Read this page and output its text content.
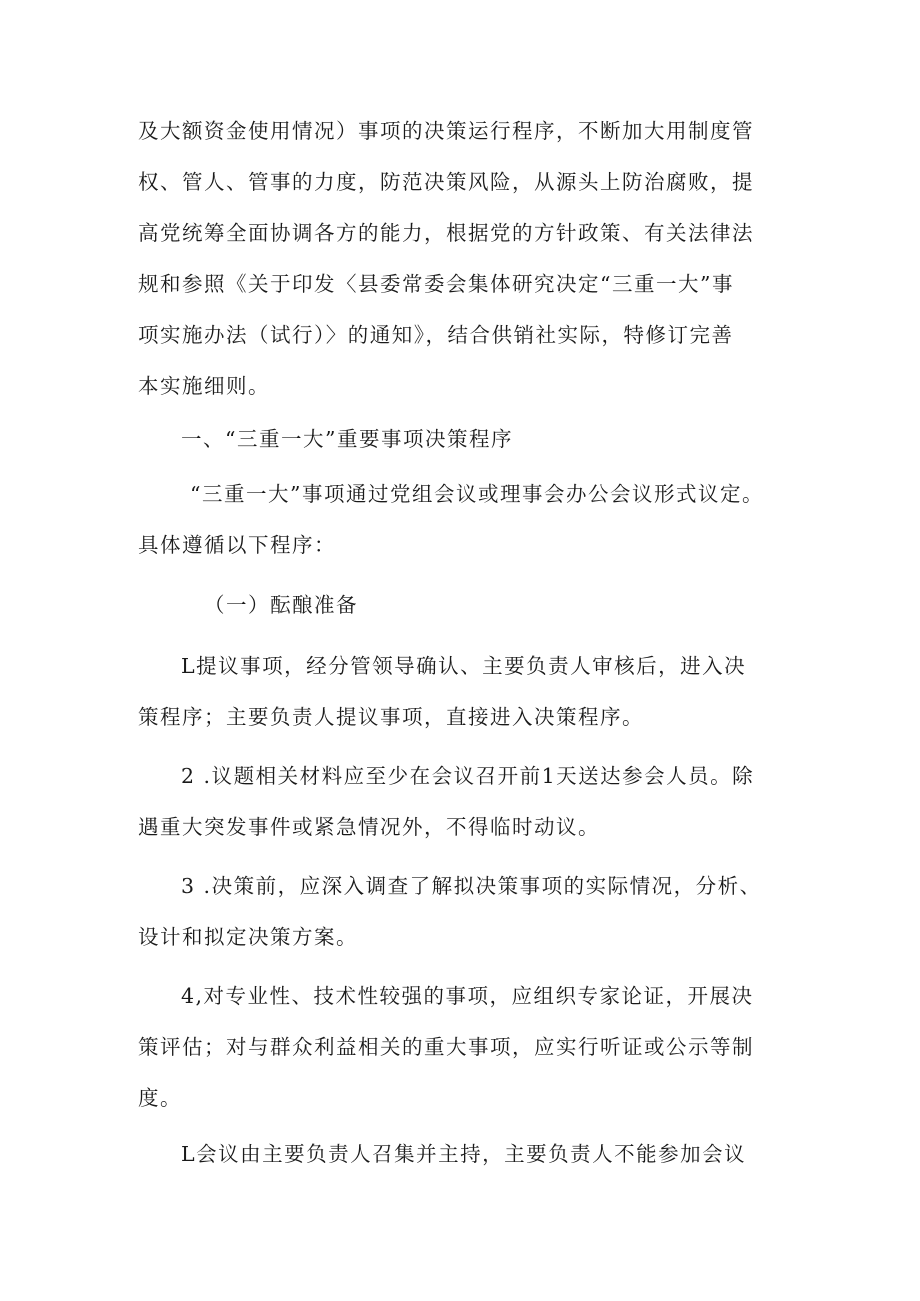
及大额资金使用情况）事项的决策运行程序，不断加大用制度管
权、管人、管事的力度，防范决策风险，从源头上防治腐败，提
高党统筹全面协调各方的能力，根据党的方针政策、有关法律法
规和参照《关于印发〈县委常委会集体研究决定“三重一大”事
项实施办法（试行）〉的通知》，结合供销社实际，特修订完善
本实施细则。
一、“三重一大”重要事项决策程序
“三重一大”事项通过党组会议或理事会办公会议形式议定。
具体遵循以下程序：
（一）酝酿准备
L提议事项，经分管领导确认、主要负责人审核后，进入决
策程序；主要负责人提议事项，直接进入决策程序。
2 .议题相关材料应至少在会议召开前1天送达参会人员。除
遇重大突发事件或紧急情况外，不得临时动议。
3 .决策前，应深入调查了解拟决策事项的实际情况，分析、
设计和拟定决策方案。
4,对专业性、技术性较强的事项，应组织专家论证，开展决
策评估；对与群众利益相关的重大事项，应实行听证或公示等制
度。
L会议由主要负责人召集并主持，主要负责人不能参加会议
